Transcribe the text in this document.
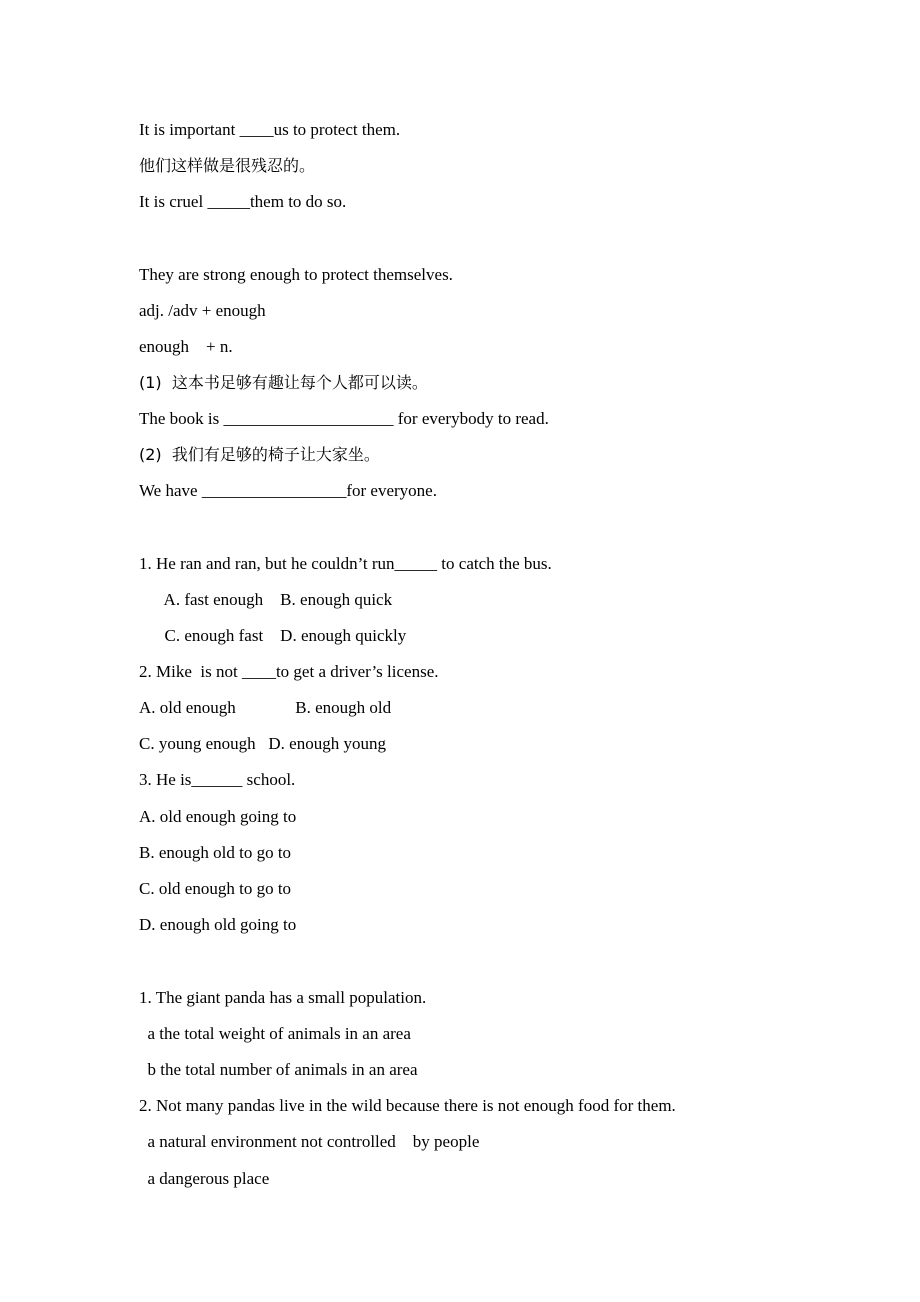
It is important ____us to protect them.
他们这样做是很残忍的。
It is cruel _____them to do so.
They are strong enough to protect themselves.
adj. /adv + enough
enough    + n.
(1)  这本书足够有趣让每个人都可以读。
The book is ____________________ for everybody to read.
(2)  我们有足够的椅子让大家坐。
We have _________________for everyone.
1. He ran and ran, but he couldn’t run_____ to catch the bus.
A. fast enough    B. enough quick
C. enough fast    D. enough quickly
2. Mike  is not ____to get a driver’s license.
A. old enough              B. enough old
C. young enough   D. enough young
3. He is______ school.
A. old enough going to
B. enough old to go to
C. old enough to go to
D. enough old going to
1. The giant panda has a small population.
a the total weight of animals in an area
b the total number of animals in an area
2. Not many pandas live in the wild because there is not enough food for them.
a natural environment not controlled    by people
a dangerous place
